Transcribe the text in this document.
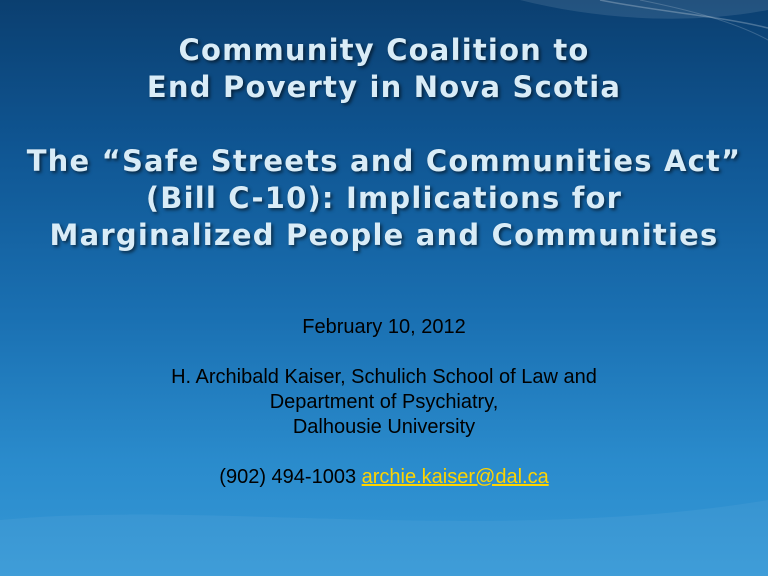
Community Coalition to
End Poverty in Nova Scotia
The “Safe Streets and Communities Act”
(Bill C-10): Implications for
Marginalized People and Communities
February 10, 2012
H. Archibald Kaiser, Schulich School of Law and
Department of Psychiatry,
Dalhousie University
(902) 494-1003 archie.kaiser@dal.ca
